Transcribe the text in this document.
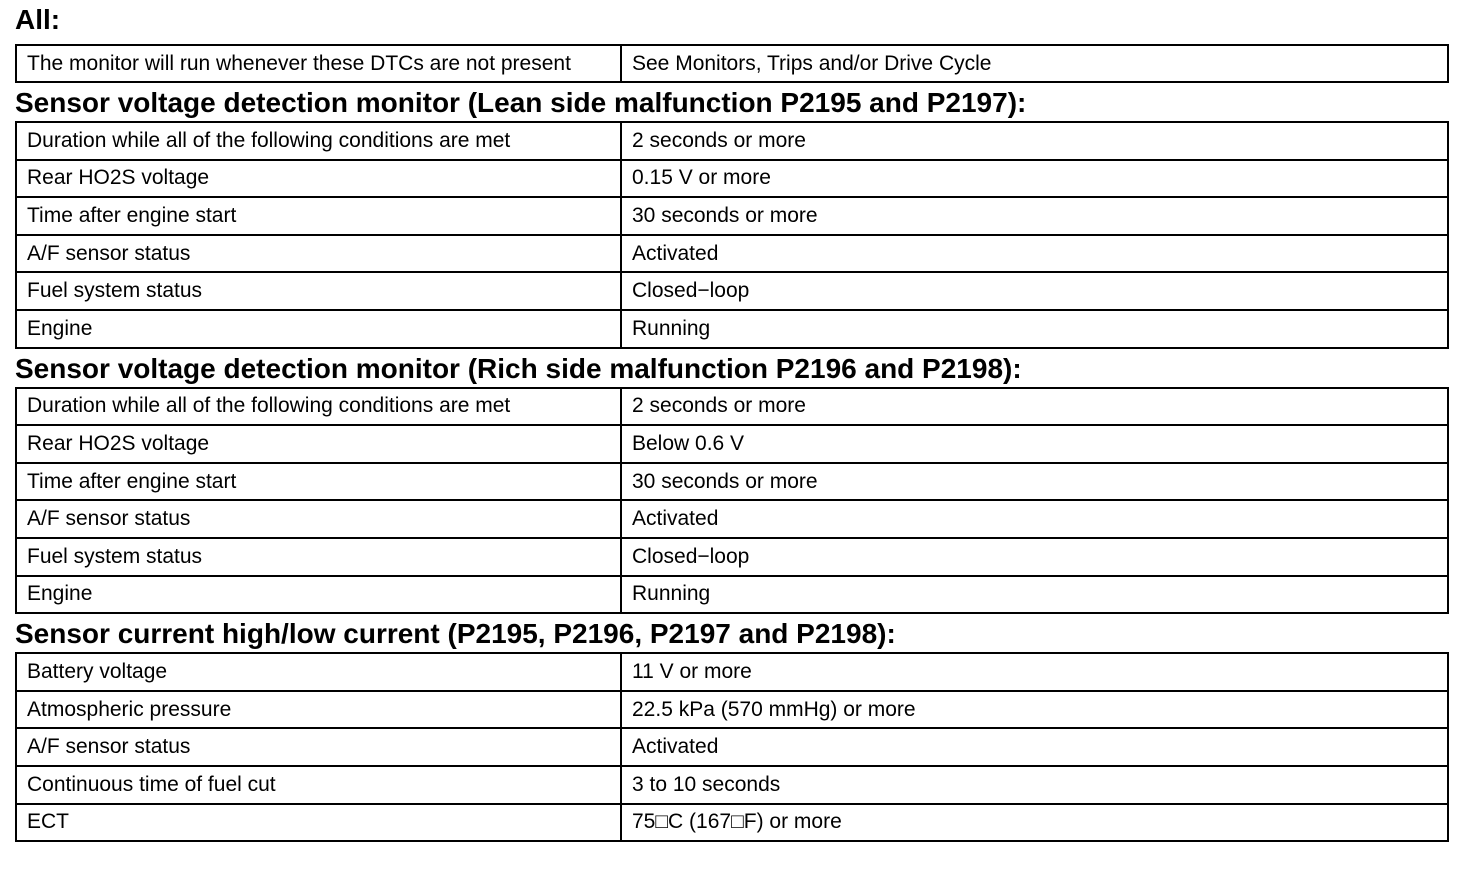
All:
The monitor will run whenever these DTCs are not present	See Monitors, Trips and/or Drive Cycle
Sensor voltage detection monitor (Lean side malfunction P2195 and P2197):
Duration while all of the following conditions are met	2 seconds or more
Rear HO2S voltage	0.15 V or more
Time after engine start	30 seconds or more
A/F sensor status	Activated
Fuel system status	Closed−loop
Engine	Running
Sensor voltage detection monitor (Rich side malfunction P2196 and P2198):
Duration while all of the following conditions are met	2 seconds or more
Rear HO2S voltage	Below 0.6 V
Time after engine start	30 seconds or more
A/F sensor status	Activated
Fuel system status	Closed−loop
Engine	Running
Sensor current high/low current (P2195, P2196, P2197 and P2198):
Battery voltage	11 V or more
Atmospheric pressure	22.5 kPa (570 mmHg) or more
A/F sensor status	Activated
Continuous time of fuel cut	3 to 10 seconds
ECT	75□C (167□F) or more
